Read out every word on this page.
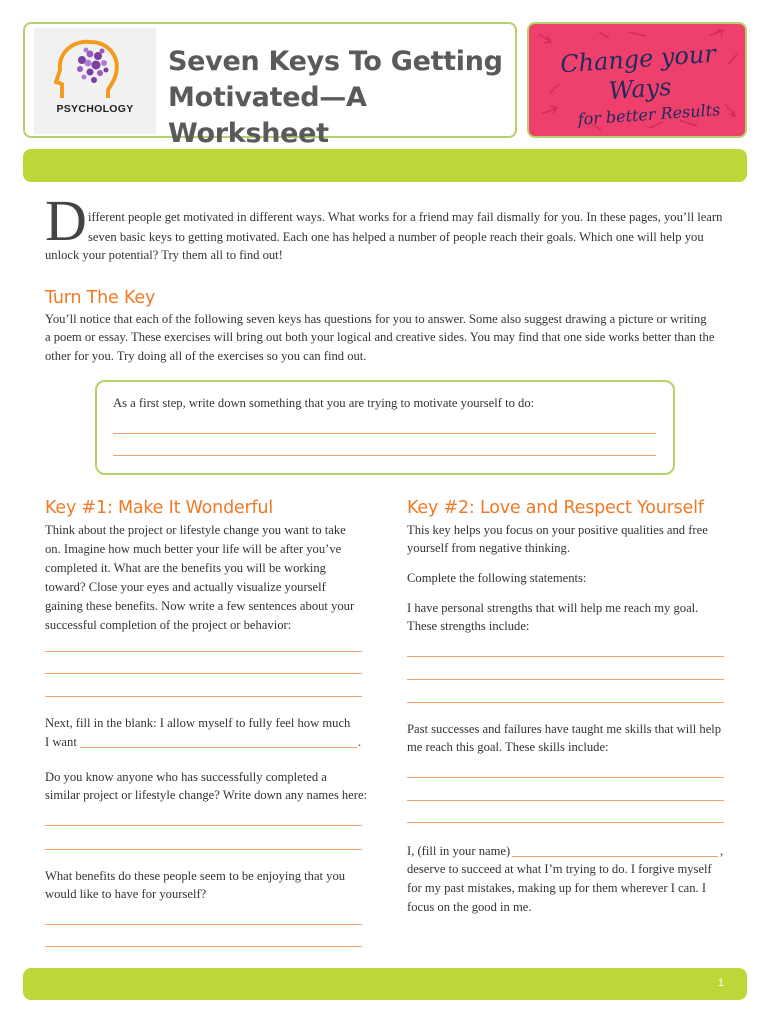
PSYCHOLOGY
Seven Keys To Getting
Motivated—A Worksheet
Change your Ways
for better Results
D ifferent people get motivated in different ways. What works for a friend may fail dismally for you. In these pages, you’ll learn
seven basic keys to getting motivated. Each one has helped a number of people reach their goals. Which one will help you
unlock your potential? Try them all to find out!
Turn The Key
You’ll notice that each of the following seven keys has questions for you to answer. Some also suggest drawing a picture or writing
a poem or essay. These exercises will bring out both your logical and creative sides. You may find that one side works better than the
other for you. Try doing all of the exercises so you can find out.
As a first step, write down something that you are trying to motivate yourself to do:
Key #1: Make It Wonderful
Think about the project or lifestyle change you want to take
on. Imagine how much better your life will be after you’ve
completed it. What are the benefits you will be working
toward? Close your eyes and actually visualize yourself
gaining these benefits. Now write a few sentences about your
successful completion of the project or behavior:
Next, fill in the blank: I allow myself to fully feel how much
I want	.
Do you know anyone who has successfully completed a
similar project or lifestyle change? Write down any names here:
What benefits do these people seem to be enjoying that you
would like to have for yourself?
Key #2: Love and Respect Yourself
This key helps you focus on your positive qualities and free
yourself from negative thinking.
Complete the following statements:
I have personal strengths that will help me reach my goal.
These strengths include:
Past successes and failures have taught me skills that will help
me reach this goal. These skills include:
I, (fill in your name)	,
deserve to succeed at what I’m trying to do. I forgive myself
for my past mistakes, making up for them wherever I can. I
focus on the good in me.
1
